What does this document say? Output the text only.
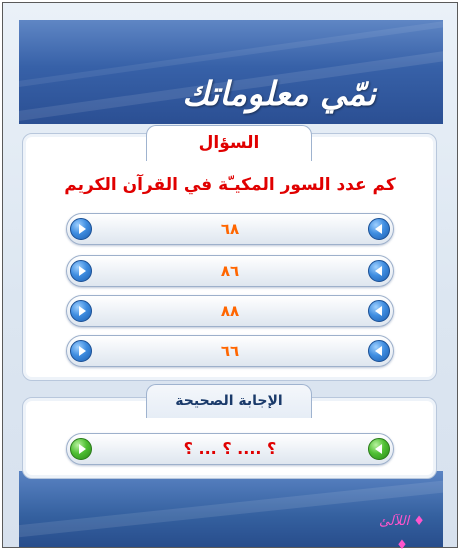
نمّي معلوماتك
السؤال
كم عدد السور المكيـّة في القرآن الكريم
٦٨
٨٦
٨٨
٦٦
الإجابة الصحيحة
؟ .... ؟ ... ؟
♦ اللآلئ ♦
